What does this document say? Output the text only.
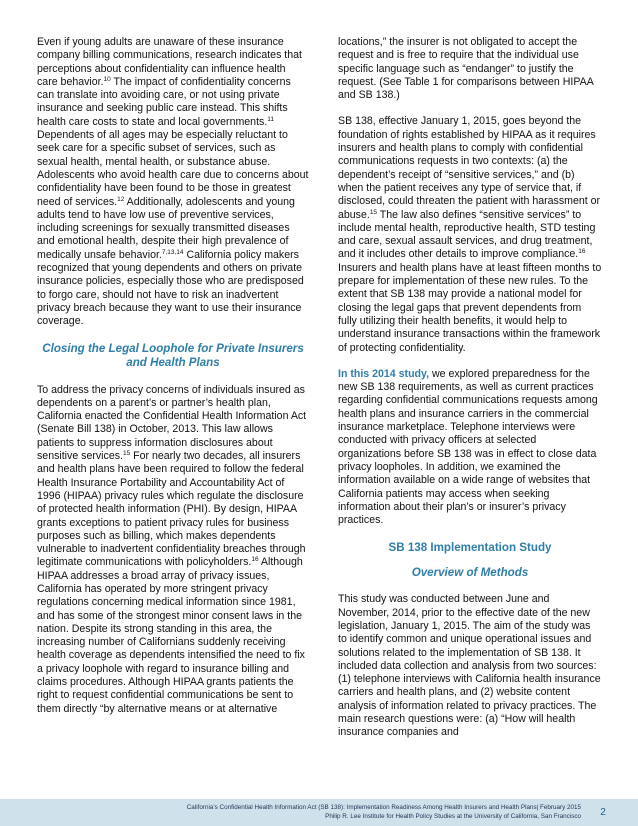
Even if young adults are unaware of these insurance company billing communications, research indicates that perceptions about confidentiality can influence health care behavior.$^{10}$ The impact of confidentiality concerns can translate into avoiding care, or not using private insurance and seeking public care instead. This shifts health care costs to state and local governments.$^{11}$ Dependents of all ages may be especially reluctant to seek care for a specific subset of services, such as sexual health, mental health, or substance abuse. Adolescents who avoid health care due to concerns about confidentiality have been found to be those in greatest need of services.$^{12}$ Additionally, adolescents and young adults tend to have low use of preventive services, including screenings for sexually transmitted diseases and emotional health, despite their high prevalence of medically unsafe behavior.$^{7,13,14}$ California policy makers recognized that young dependents and others on private insurance policies, especially those who are predisposed to forgo care, should not have to risk an inadvertent privacy breach because they want to use their insurance coverage.

Closing the Legal Loophole for Private Insurers and Health Plans

To address the privacy concerns of individuals insured as dependents on a parent’s or partner’s health plan, California enacted the Confidential Health Information Act (Senate Bill 138) in October, 2013. This law allows patients to suppress information disclosures about sensitive services.$^{15}$ For nearly two decades, all insurers and health plans have been required to follow the federal Health Insurance Portability and Accountability Act of 1996 (HIPAA) privacy rules which regulate the disclosure of protected health information (PHI). By design, HIPAA grants exceptions to patient privacy rules for business purposes such as billing, which makes dependents vulnerable to inadvertent confidentiality breaches through legitimate communications with policyholders.$^{16}$ Although HIPAA addresses a broad array of privacy issues, California has operated by more stringent privacy regulations concerning medical information since 1981, and has some of the strongest minor consent laws in the nation. Despite its strong standing in this area, the increasing number of Californians suddenly receiving health coverage as dependents intensified the need to fix a privacy loophole with regard to insurance billing and claims procedures. Although HIPAA grants patients the right to request confidential communications be sent to them directly “by alternative means or at alternative

locations,” the insurer is not obligated to accept the request and is free to require that the individual use specific language such as “endanger” to justify the request. (See Table 1 for comparisons between HIPAA and SB 138.)

SB 138, effective January 1, 2015, goes beyond the foundation of rights established by HIPAA as it requires insurers and health plans to comply with confidential communications requests in two contexts: (a) the dependent’s receipt of “sensitive services,” and (b) when the patient receives any type of service that, if disclosed, could threaten the patient with harassment or abuse.$^{15}$ The law also defines “sensitive services” to include mental health, reproductive health, STD testing and care, sexual assault services, and drug treatment, and it includes other details to improve compliance.$^{16}$ Insurers and health plans have at least fifteen months to prepare for implementation of these new rules. To the extent that SB 138 may provide a national model for closing the legal gaps that prevent dependents from fully utilizing their health benefits, it would help to understand insurance transactions within the framework of protecting confidentiality.

In this 2014 study, we explored preparedness for the new SB 138 requirements, as well as current practices regarding confidential communications requests among health plans and insurance carriers in the commercial insurance marketplace. Telephone interviews were conducted with privacy officers at selected organizations before SB 138 was in effect to close data privacy loopholes. In addition, we examined the information available on a wide range of websites that California patients may access when seeking information about their plan’s or insurer’s privacy practices.

SB 138 Implementation Study
Overview of Methods

This study was conducted between June and November, 2014, prior to the effective date of the new legislation, January 1, 2015. The aim of the study was to identify common and unique operational issues and solutions related to the implementation of SB 138. It included data collection and analysis from two sources: (1) telephone interviews with California health insurance carriers and health plans, and (2) website content analysis of information related to privacy practices. The main research questions were: (a) “How will health insurance companies and

California’s Confidential Health Information Act (SB 138): Implementation Readiness Among Health Insurers and Health Plans| February 2015
Philip R. Lee Institute for Health Policy Studies at the University of California, San Francisco	2
